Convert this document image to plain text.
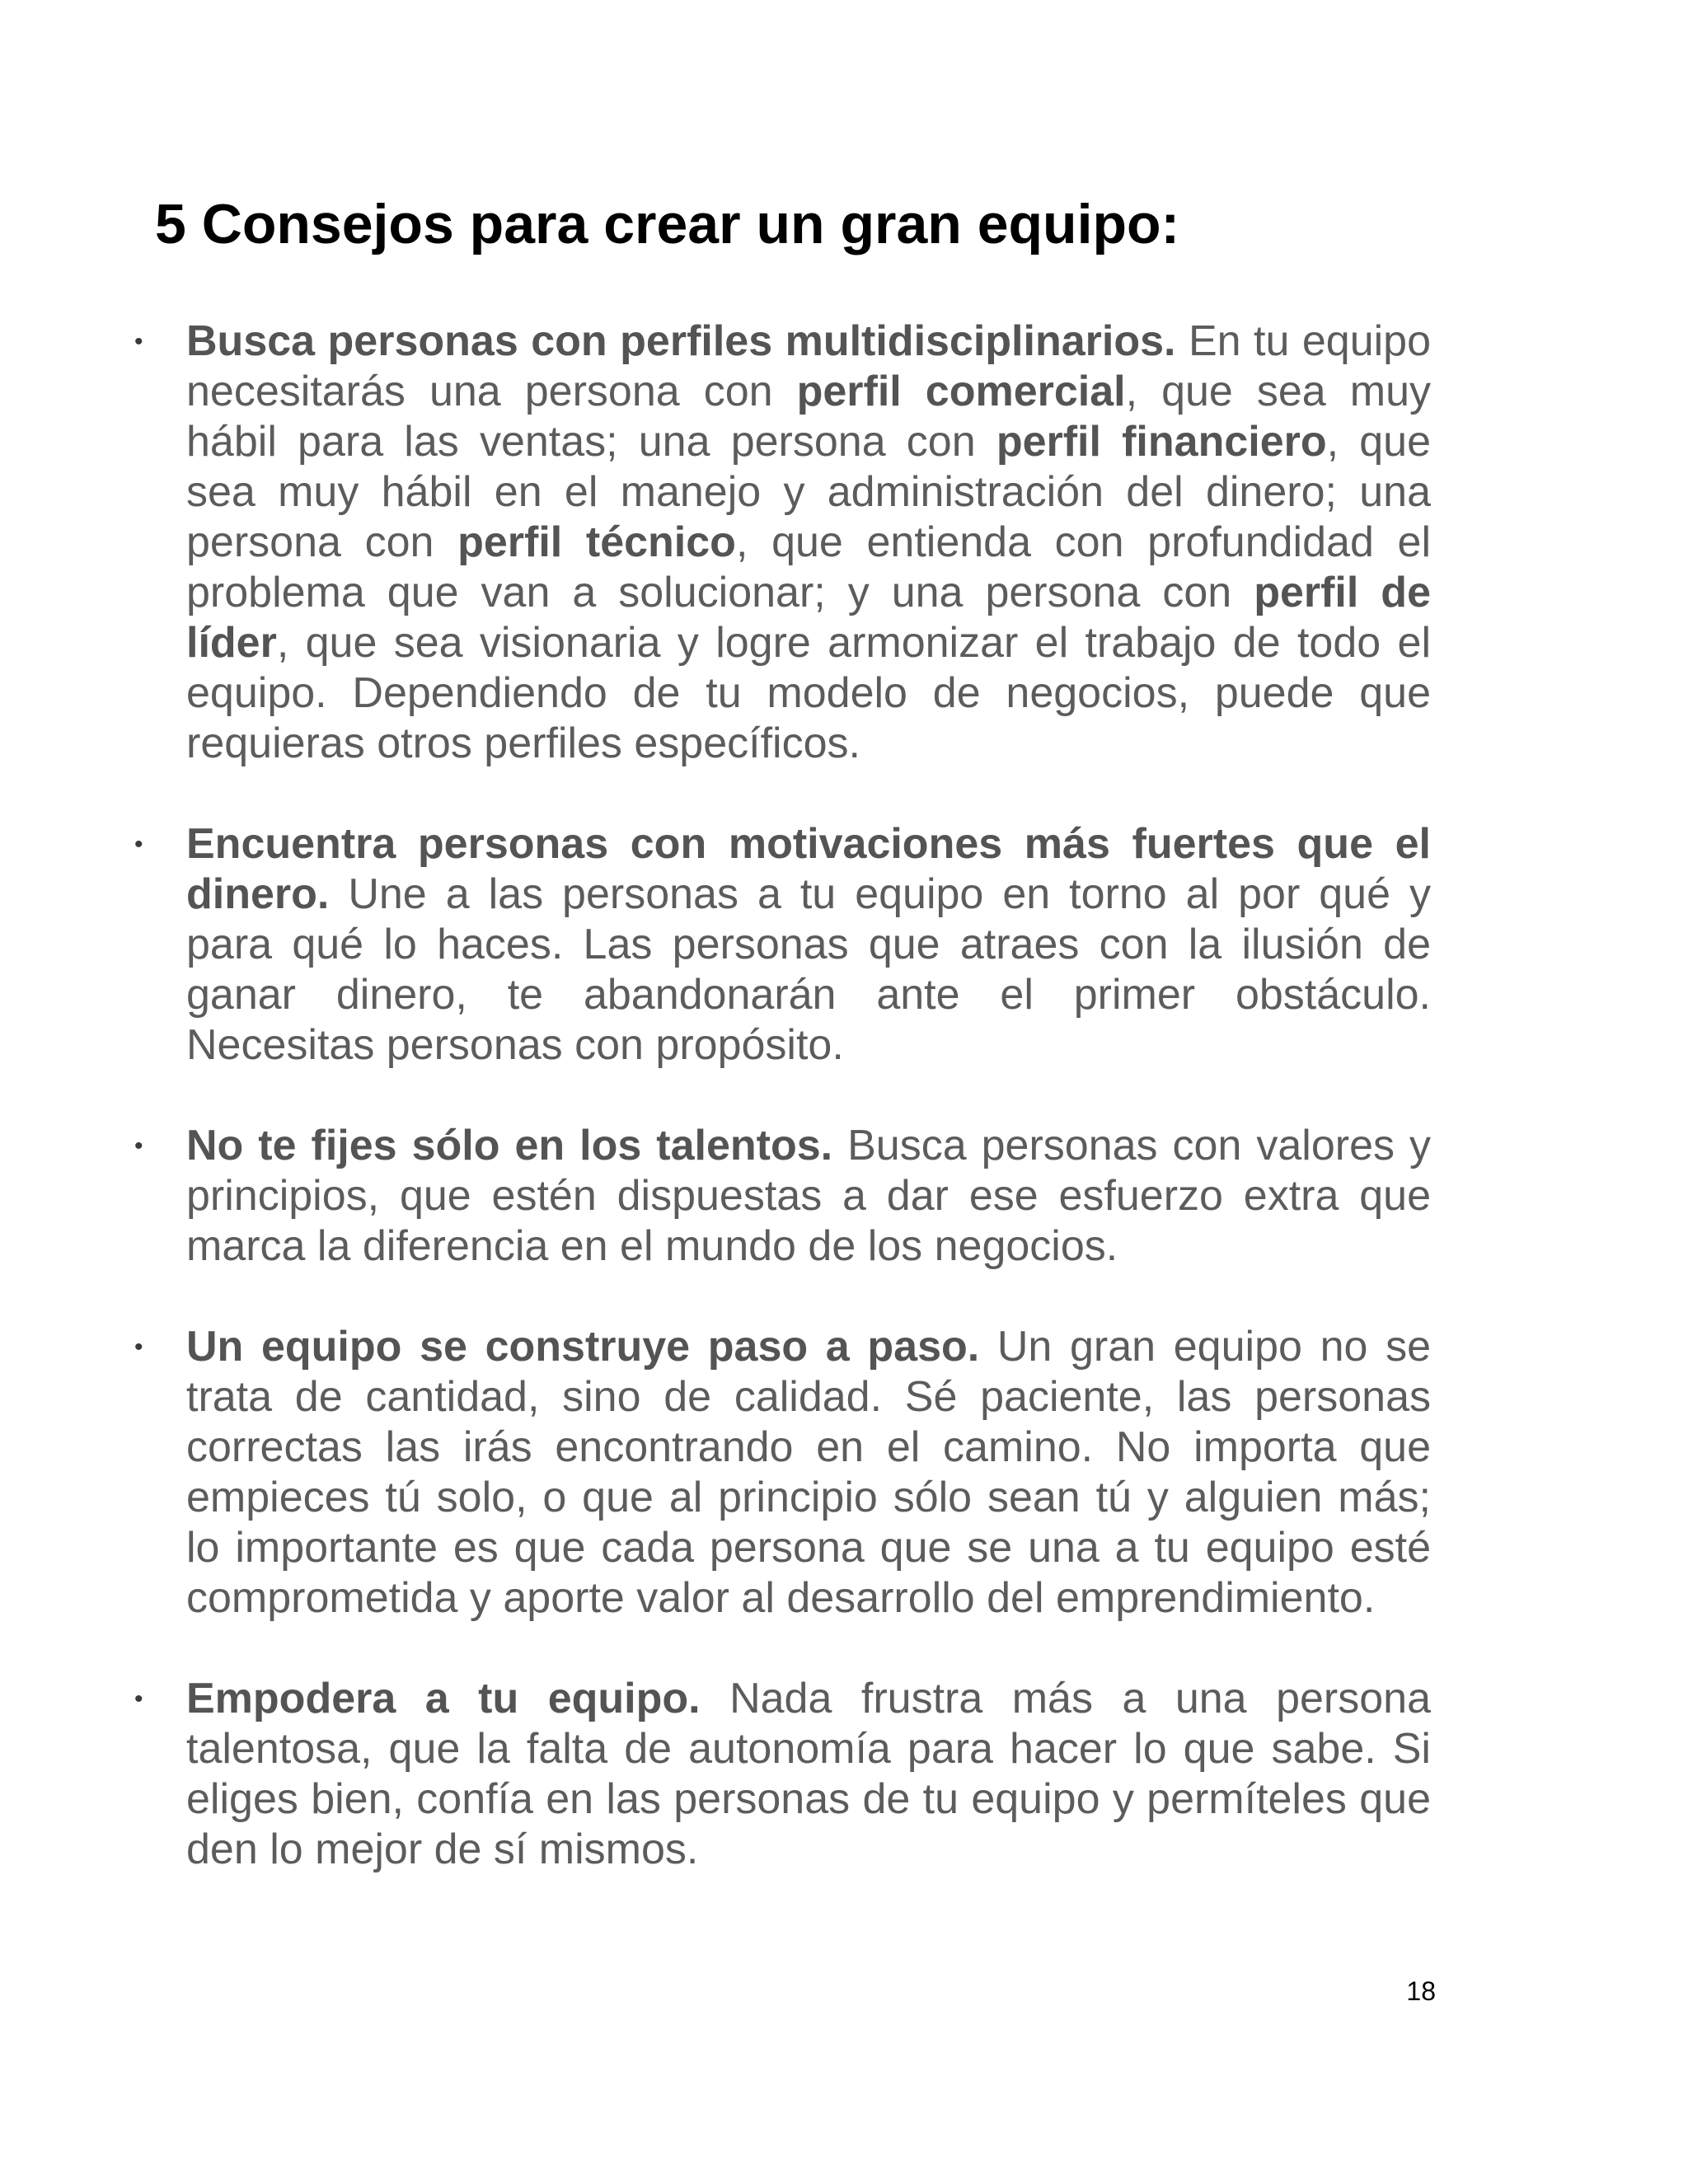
5 Consejos para crear un gran equipo:
• Busca personas con perfiles multidisciplinarios. En tu equipo necesitarás una persona con perfil comercial, que sea muy hábil para las ventas; una persona con perfil financiero, que sea muy hábil en el manejo y administración del dinero; una persona con perfil técnico, que entienda con profundidad el problema que van a solucionar; y una persona con perfil de líder, que sea visionaria y logre armonizar el trabajo de todo el equipo. Dependiendo de tu modelo de negocios, puede que requieras otros perfiles específicos.

• Encuentra personas con motivaciones más fuertes que el dinero. Une a las personas a tu equipo en torno al por qué y para qué lo haces. Las personas que atraes con la ilusión de ganar dinero, te abandonarán ante el primer obstáculo. Necesitas personas con propósito.

• No te fijes sólo en los talentos. Busca personas con valores y principios, que estén dispuestas a dar ese esfuerzo extra que marca la diferencia en el mundo de los negocios.

• Un equipo se construye paso a paso. Un gran equipo no se trata de cantidad, sino de calidad. Sé paciente, las personas correctas las irás encontrando en el camino. No importa que empieces tú solo, o que al principio sólo sean tú y alguien más; lo importante es que cada persona que se una a tu equipo esté comprometida y aporte valor al desarrollo del emprendimiento.

• Empodera a tu equipo. Nada frustra más a una persona talentosa, que la falta de autonomía para hacer lo que sabe. Si eliges bien, confía en las personas de tu equipo y permíteles que den lo mejor de sí mismos.

18
